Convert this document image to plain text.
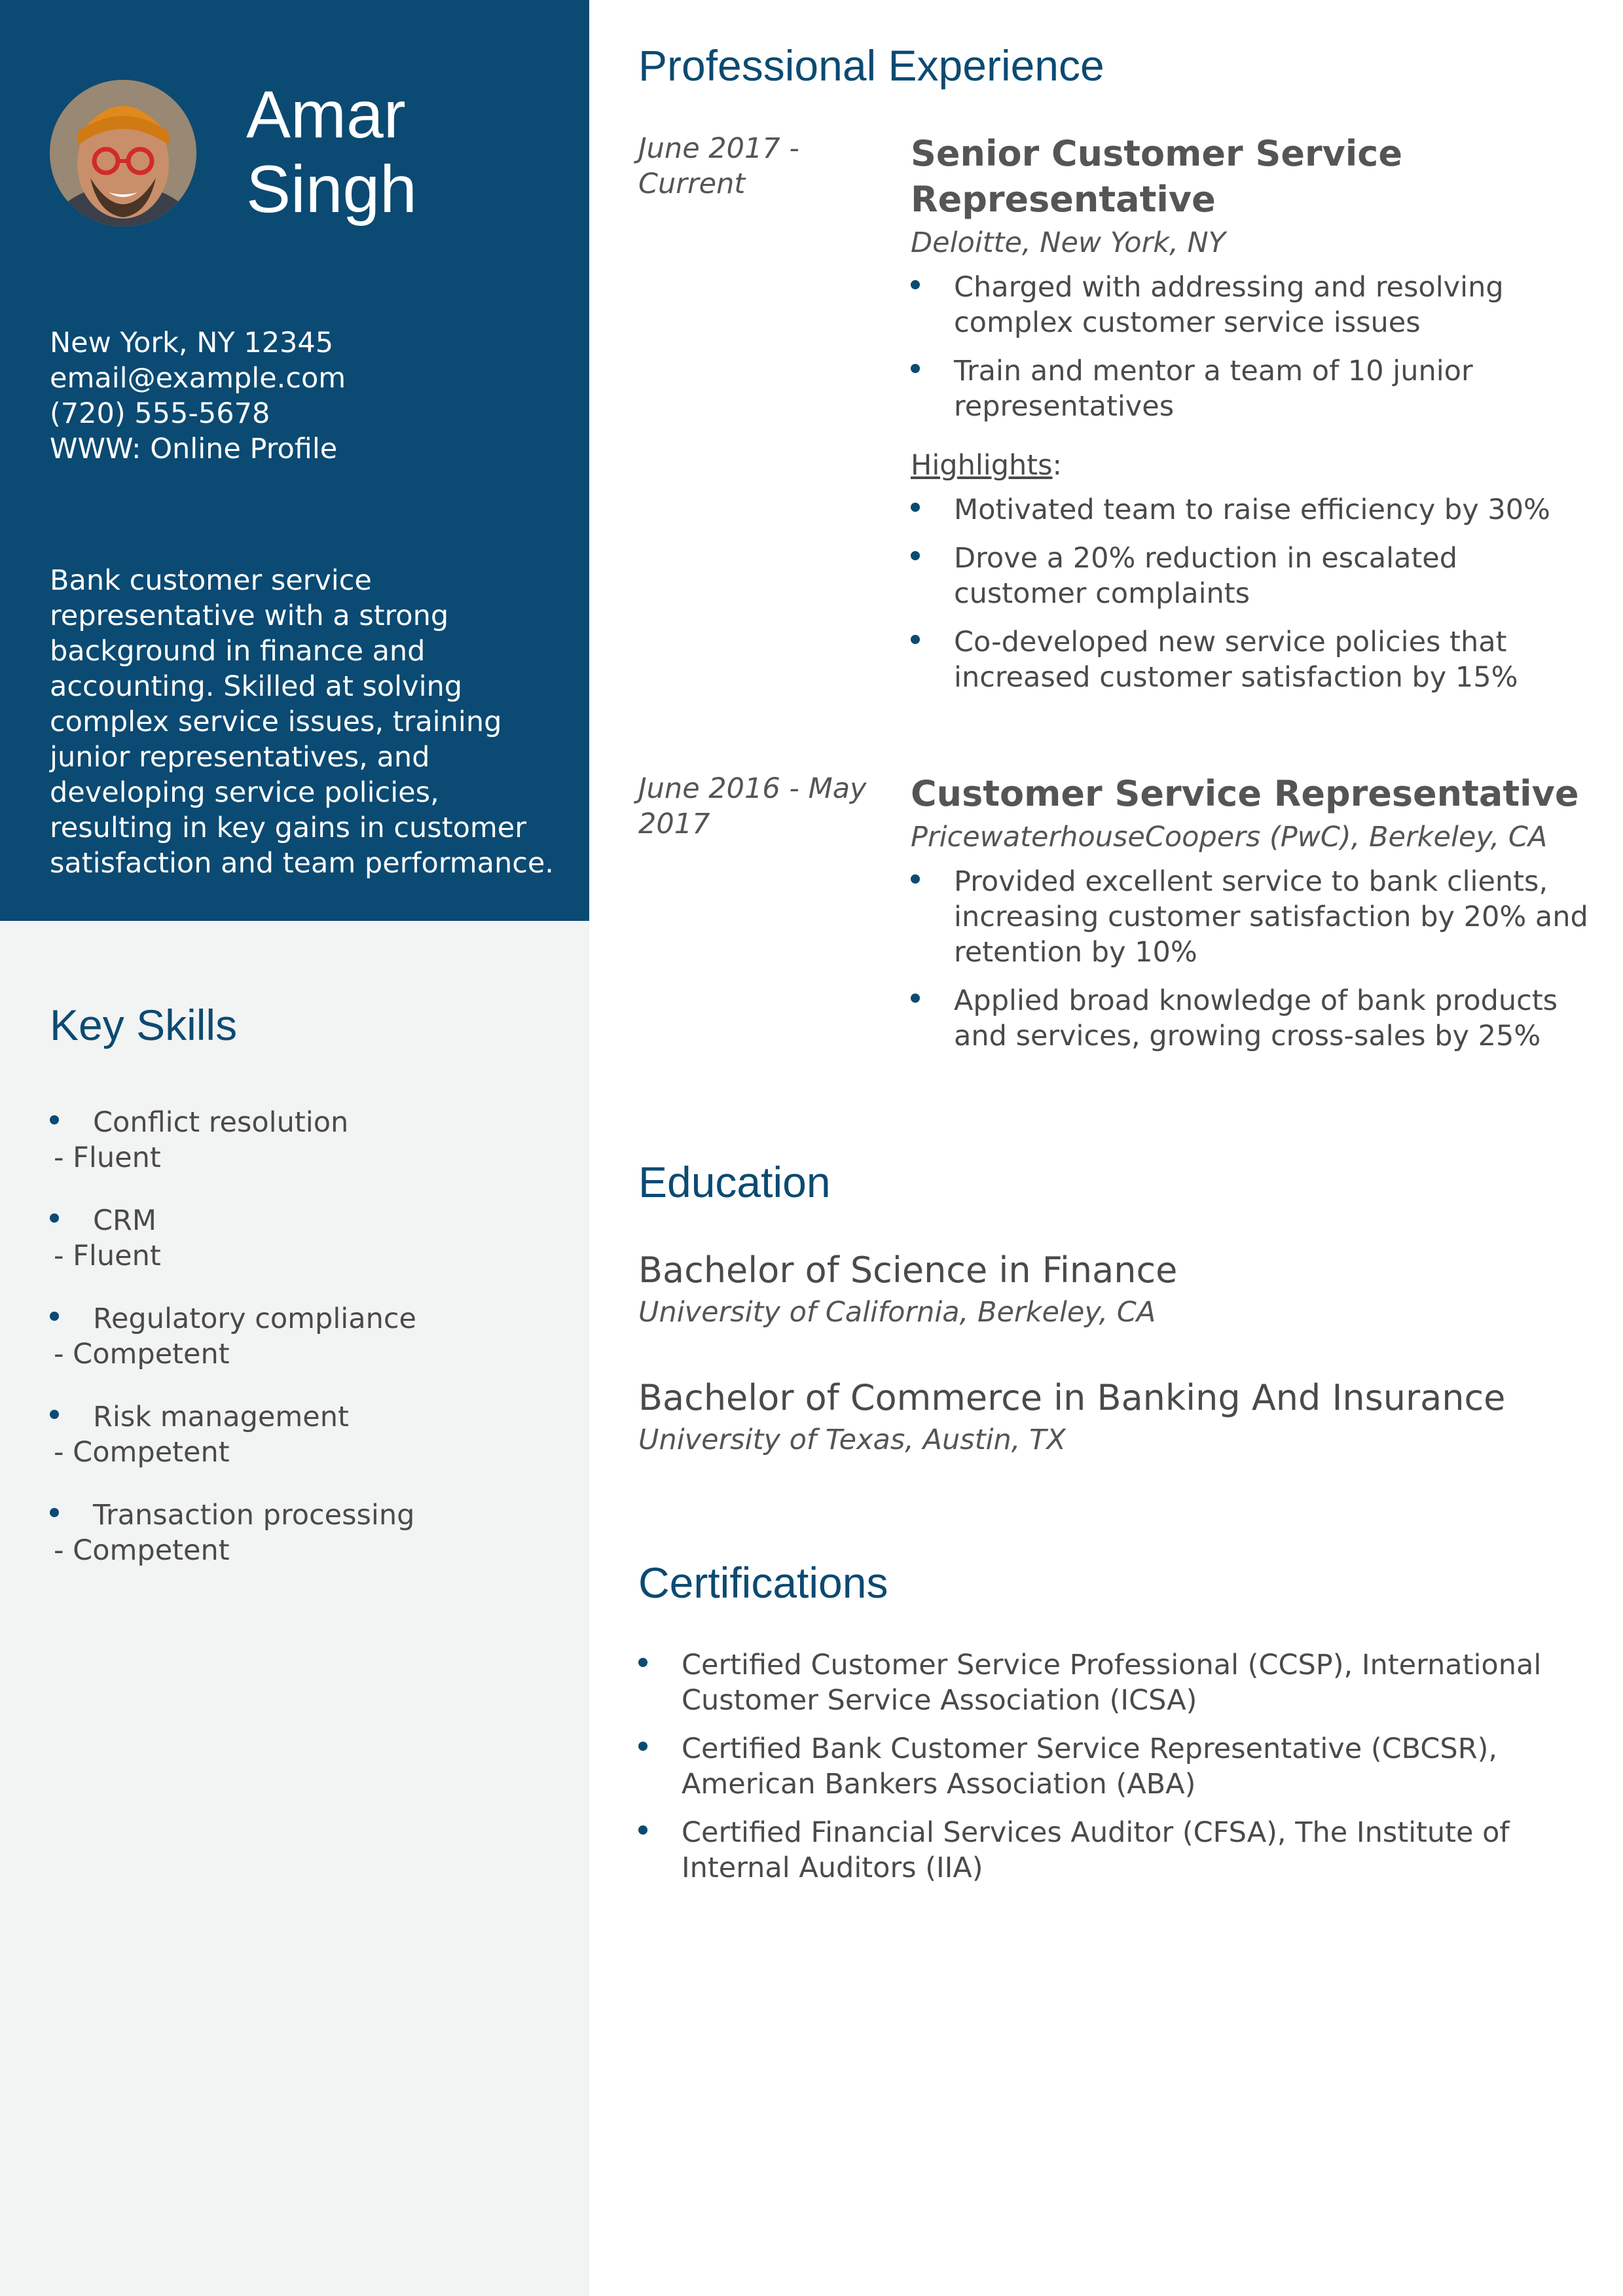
Amar
Singh
New York, NY 12345
email@example.com
(720) 555-5678
WWW: Online Profile
Bank customer service representative with a strong background in finance and accounting. Skilled at solving complex service issues, training junior representatives, and developing service policies, resulting in key gains in customer satisfaction and team performance.
Key Skills
Conflict resolution
- Fluent
CRM
- Fluent
Regulatory compliance
- Competent
Risk management
- Competent
Transaction processing
- Competent
Professional Experience
June 2017 - Current
Senior Customer Service Representative
Deloitte, New York, NY
Charged with addressing and resolving complex customer service issues
Train and mentor a team of 10 junior representatives
Highlights:
Motivated team to raise efficiency by 30%
Drove a 20% reduction in escalated customer complaints
Co-developed new service policies that increased customer satisfaction by 15%
June 2016 - May 2017
Customer Service Representative
PricewaterhouseCoopers (PwC), Berkeley, CA
Provided excellent service to bank clients, increasing customer satisfaction by 20% and retention by 10%
Applied broad knowledge of bank products and services, growing cross-sales by 25%
Education
Bachelor of Science in Finance
University of California, Berkeley, CA
Bachelor of Commerce in Banking And Insurance
University of Texas, Austin, TX
Certifications
Certified Customer Service Professional (CCSP), International Customer Service Association (ICSA)
Certified Bank Customer Service Representative (CBCSR), American Bankers Association (ABA)
Certified Financial Services Auditor (CFSA), The Institute of Internal Auditors (IIA)
